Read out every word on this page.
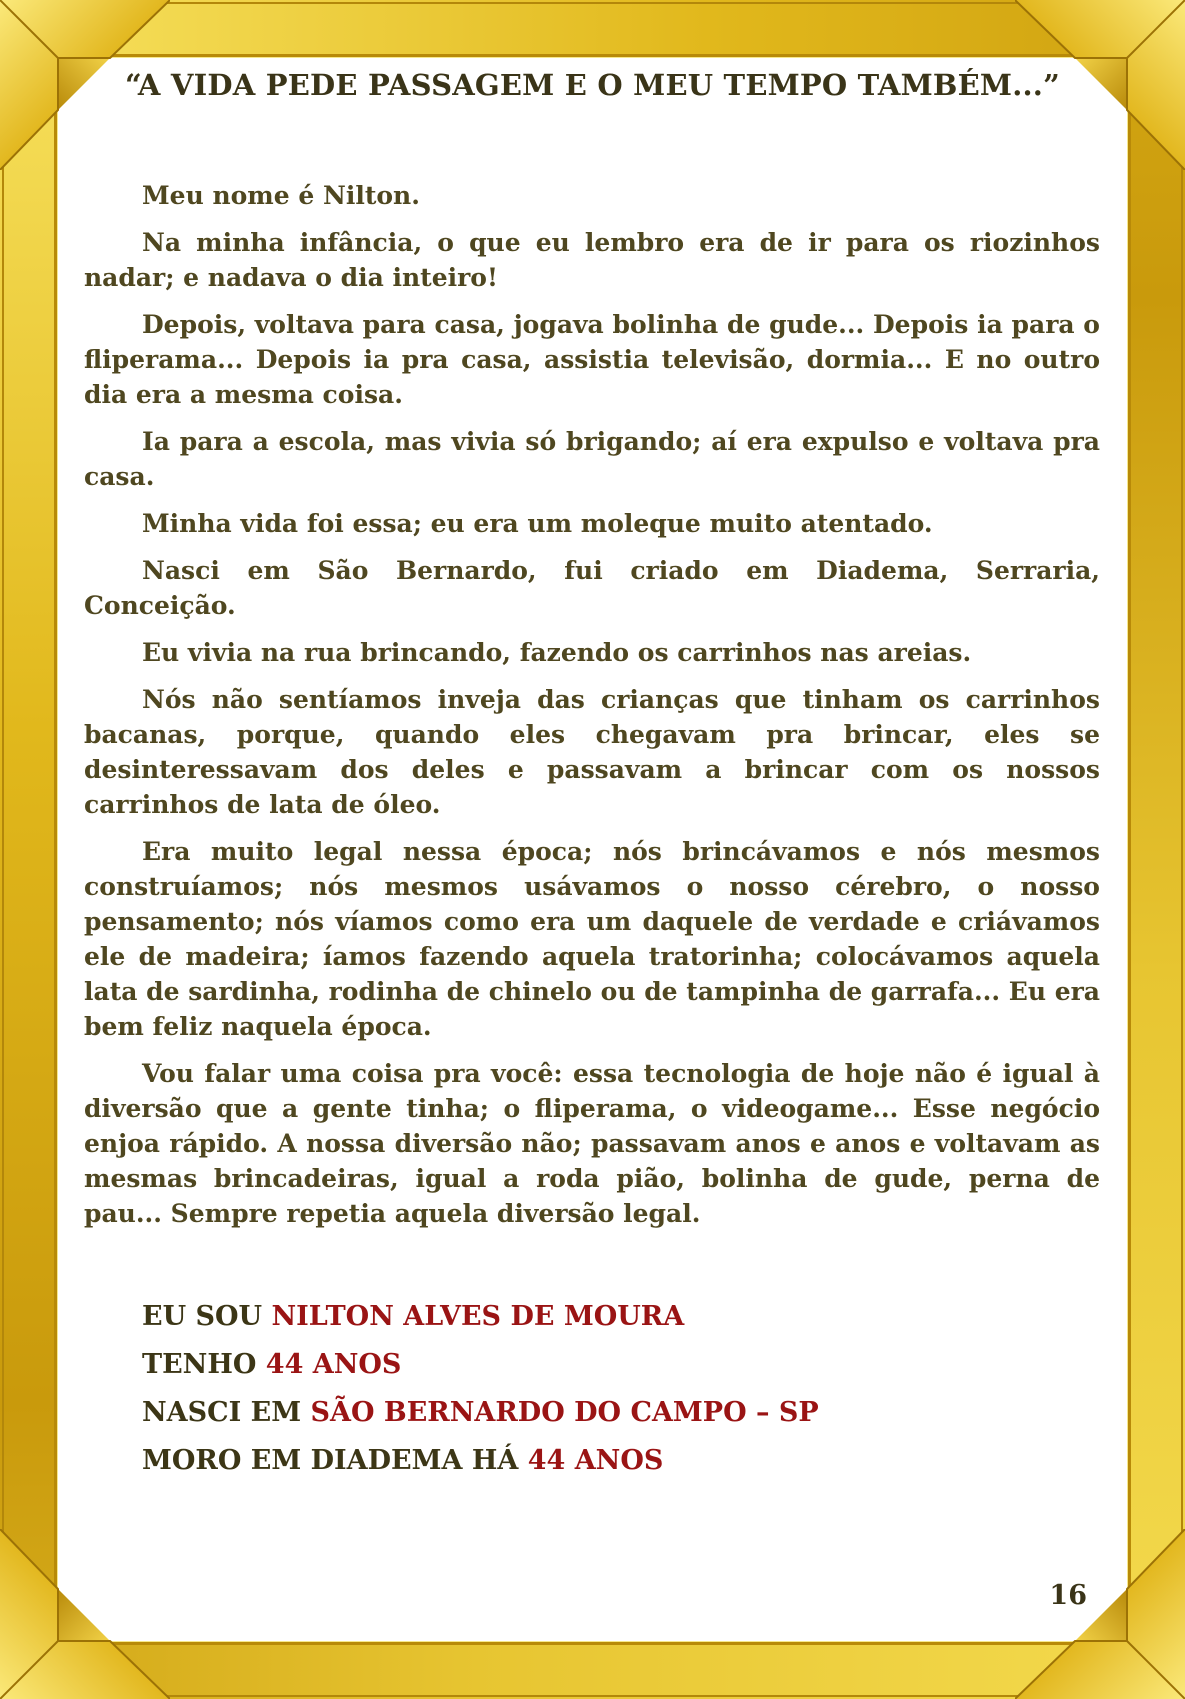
“A VIDA PEDE PASSAGEM E O MEU TEMPO TAMBÉM...”

Meu nome é Nilton.

Na minha infância, o que eu lembro era de ir para os riozinhos nadar; e nadava o dia inteiro!

Depois, voltava para casa, jogava bolinha de gude... Depois ia para o fliperama... Depois ia pra casa, assistia televisão, dormia... E no outro dia era a mesma coisa.

Ia para a escola, mas vivia só brigando; aí era expulso e voltava pra casa.

Minha vida foi essa; eu era um moleque muito atentado.

Nasci em São Bernardo, fui criado em Diadema, Serraria, Conceição.

Eu vivia na rua brincando, fazendo os carrinhos nas areias.

Nós não sentíamos inveja das crianças que tinham os carrinhos bacanas, porque, quando eles chegavam pra brincar, eles se desinteressavam dos deles e passavam a brincar com os nossos carrinhos de lata de óleo.

Era muito legal nessa época; nós brincávamos e nós mesmos construíamos; nós mesmos usávamos o nosso cérebro, o nosso pensamento; nós víamos como era um daquele de verdade e criávamos ele de madeira; íamos fazendo aquela tratorinha; colocávamos aquela lata de sardinha, rodinha de chinelo ou de tampinha de garrafa... Eu era bem feliz naquela época.

Vou falar uma coisa pra você: essa tecnologia de hoje não é igual à diversão que a gente tinha; o fliperama, o videogame... Esse negócio enjoa rápido. A nossa diversão não; passavam anos e anos e voltavam as mesmas brincadeiras, igual a roda pião, bolinha de gude, perna de pau... Sempre repetia aquela diversão legal.

EU SOU NILTON ALVES DE MOURA
TENHO 44 ANOS
NASCI EM SÃO BERNARDO DO CAMPO – SP
MORO EM DIADEMA HÁ 44 ANOS
16
